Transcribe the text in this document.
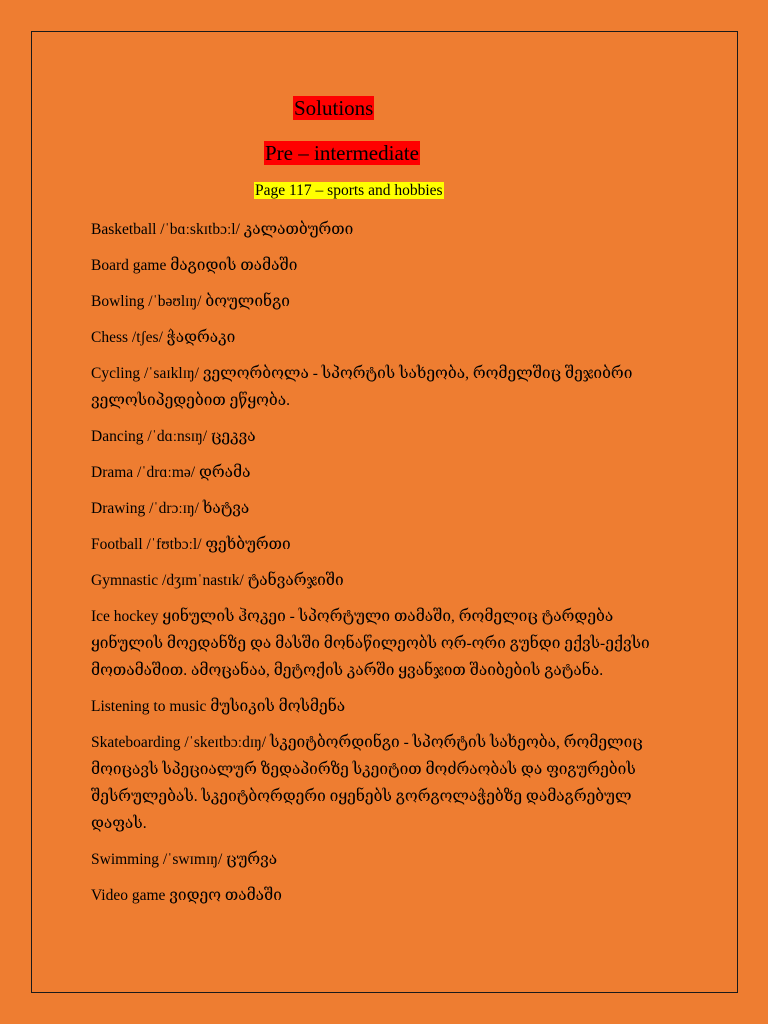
Solutions
Pre – intermediate
Page 117 – sports and hobbies
Basketball /ˈbɑːskɪtbɔːl/ კალათბურთი
Board game მაგიდის თამაში
Bowling /ˈbəʊlɪŋ/ ბოულინგი
Chess /tʃes/ ჭადრაკი
Cycling /ˈsaɪklɪŋ/ ველორბოლა - სპორტის სახეობა, რომელშიც შეჯიბრი
ველოსიპედებით ეწყობა.
Dancing /ˈdɑːnsɪŋ/ ცეკვა
Drama /ˈdrɑːmə/ დრამა
Drawing /ˈdrɔːɪŋ/ ხატვა
Football /ˈfʊtbɔːl/ ფეხბურთი
Gymnastic /dʒɪmˈnastɪk/ ტანვარჯიში
Ice hockey ყინულის ჰოკეი - სპორტული თამაში, რომელიც ტარდება
ყინულის მოედანზე და მასში მონაწილეობს ორ-ორი გუნდი ექვს-ექვსი
მოთამაშით. ამოცანაა, მეტოქის კარში ყვანჯით შაიბების გატანა.
Listening to music მუსიკის მოსმენა
Skateboarding /ˈskeɪtbɔːdɪŋ/ სკეიტბორდინგი - სპორტის სახეობა, რომელიც
მოიცავს სპეციალურ ზედაპირზე სკეიტით მოძრაობას და ფიგურების
შესრულებას. სკეიტბორდერი იყენებს გორგოლაჭებზე დამაგრებულ
დაფას.
Swimming /ˈswɪmɪŋ/ ცურვა
Video game ვიდეო თამაში
